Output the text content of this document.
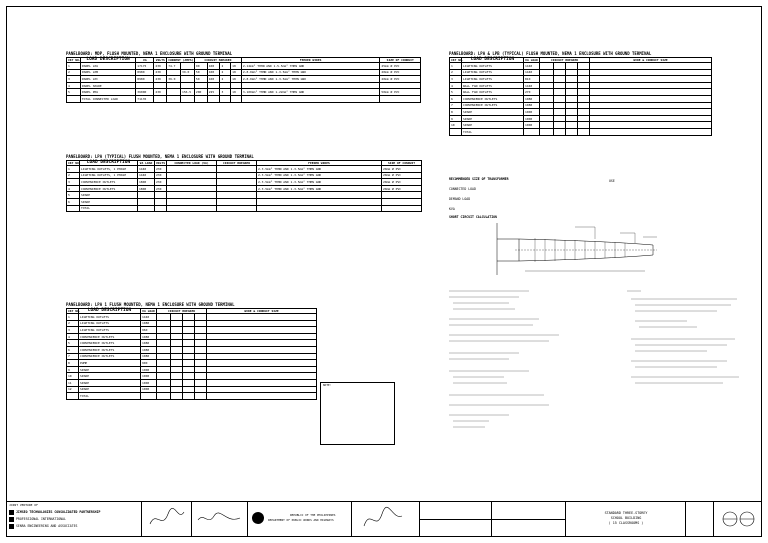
PANELBOARD: MDP, FLUSH MOUNTED, NEMA 1 ENCLOSURE WITH GROUND TERMINAL
CKT NO.	LOAD DESCRIPTION	VA	VOLTS	CURRENT (AMPS)		CIRCUIT BREAKER				FEEDER WIRES	SIZE OF CONDUIT
1	PANEL LPA	17175	230	74.7		90	100	2	18	2-14mm² THHN AND 1-5.5mm² THHN GND	25mm Ø PVC
2	PANEL LPB	8980	230		39.0	50	100	2	18	2-8.0mm² THHN AND 1-3.5mm² THHN GND	20mm Ø PVC
3	PANEL LPC	8980	230	39.0		50	100	2	18	2-8.0mm² THHN AND 1-3.5mm² THHN GND	20mm Ø PVC
4	PANEL SPARE										
5	PANEL PPA	36000	230		156.5	200	225	3	18	3-100mm² THHN AND 1-22mm² THHN GND	50mm Ø PVC
	TOTAL CONNECTED LOAD	71135									
PANELBOARD: LPA (TYPICAL) FLUSH MOUNTED, NEMA 1 ENCLOSURE WITH GROUND TERMINAL
CKT NO.	LOAD DESCRIPTION	VA LOAD	VOLTS	CONNECTED LOAD (VA)	CIRCUIT BREAKER	FEEDER WIRES	SIZE OF CONDUIT
1	LIGHTING OUTLETS, 1 PHASE	1440	230			2-3.5mm² THHN AND 1-3.5mm² THHN GND	20mm Ø PVC
2	LIGHTING OUTLETS, 1 PHASE	1440	230			2-3.5mm² THHN AND 1-3.5mm² THHN GND	20mm Ø PVC
3	CONVENIENCE OUTLETS	1800	230			2-3.5mm² THHN AND 1-3.5mm² THHN GND	20mm Ø PVC
4	CONVENIENCE OUTLETS	1800	230			2-3.5mm² THHN AND 1-3.5mm² THHN GND	20mm Ø PVC
5	SPARE						
6	SPARE						
	TOTAL						
PANELBOARD: LPA 1 FLUSH MOUNTED, NEMA 1 ENCLOSURE WITH GROUND TERMINAL
CKT NO.	LOAD DESCRIPTION	VA LOAD	CIRCUIT BREAKER				WIRE & CONDUIT SIZE
1	LIGHTING OUTLETS	1440					
2	LIGHTING OUTLETS	1080					
3	LIGHTING OUTLETS	960					
4	CONVENIENCE OUTLETS	1080					
5	CONVENIENCE OUTLETS	1080					
6	CONVENIENCE OUTLETS	1080					
7	CONVENIENCE OUTLETS	1080					
8	PUMP	900					
9	SPARE	1000					
10	SPARE	1000					
11	SPARE	1000					
12	SPARE	1000					
	TOTAL						
NOTE:
PANELBOARD: LPA & LPB (TYPICAL) FLUSH MOUNTED, NEMA 1 ENCLOSURE WITH GROUND TERMINAL
CKT NO.	LOAD DESCRIPTION	VA LOAD	CIRCUIT BREAKER				WIRE & CONDUIT SIZE
1	LIGHTING OUTLETS	1440					
2	LIGHTING OUTLETS	1440					
3	LIGHTING OUTLETS	810					
4	WALL FAN OUTLETS	1440					
5	WALL FAN OUTLETS	270					
6	CONVENIENCE OUTLETS	1080					
7	CONVENIENCE OUTLETS	1080					
8	SPARE	1000					
9	SPARE	1000					
10	SPARE	1000					
	TOTAL						
RECOMMENDED SIZE OF TRANSFORMER
CONNECTED LOAD
DEMAND LOAD
KVA
USE
SHORT CIRCUIT CALCULATION
JOINT VENTURE OF
JIMSEO TECHNOLOGIES CONSOLIDATED PARTNERSHIP
PROFESSIONAL INTERNATIONAL
SENRA ENGINEERING AND ASSOCIATES
REPUBLIC OF THE PHILIPPINES
DEPARTMENT OF PUBLIC WORKS AND HIGHWAYS
STANDARD THREE-STOREY
SCHOOL BUILDING
( 15 CLASSROOMS )
